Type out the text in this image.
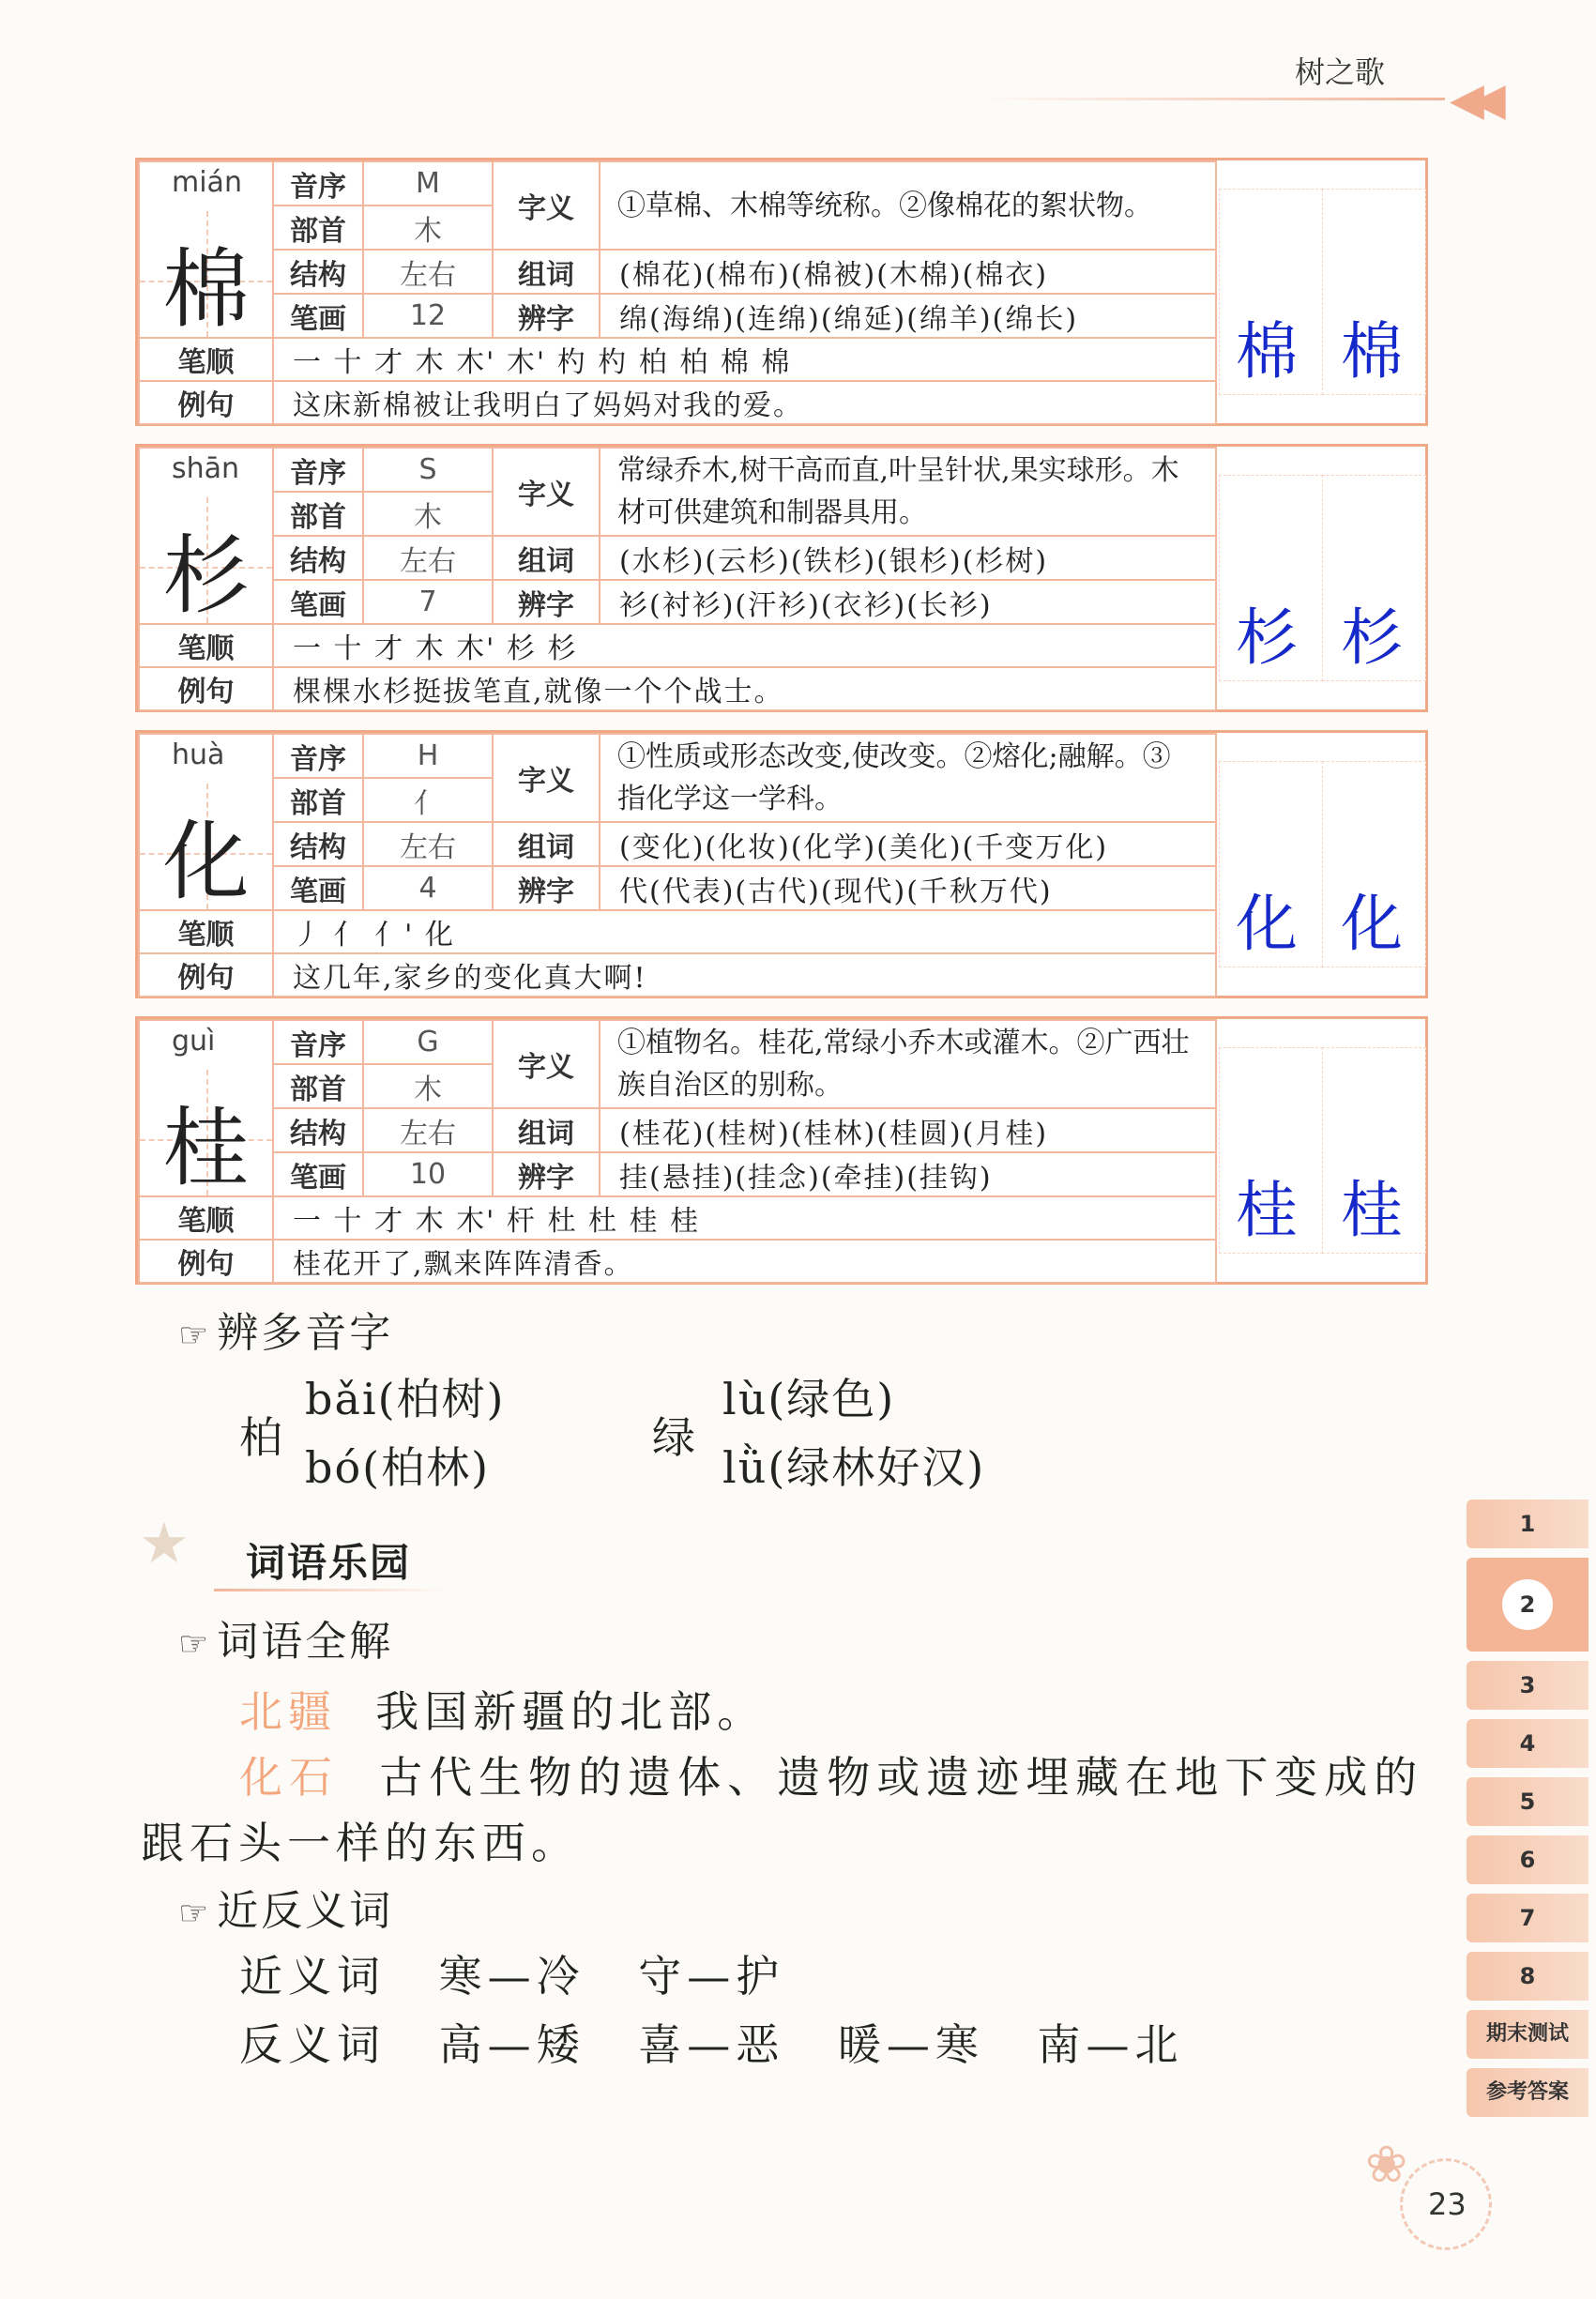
树之歌
◀◀
mián
棉	音序	M	字义	①草棉、木棉等统称。②像棉花的絮状物。
	部首	木		
	结构	左右	组词	(棉花)(棉布)(棉被)(木棉)(棉衣)
	笔画	12	辨字	绵(海绵)(连绵)(绵延)(绵羊)(绵长)
笔顺	一 十 才 木 木' 木' 杓 杓 柏 柏 棉 棉			
例句	这床新棉被让我明白了妈妈对我的爱。			
棉 棉
shān
杉	音序	S	字义	常绿乔木,树干高而直,叶呈针状,果实球形。木材可供建筑和制器具用。
	部首	木		
	结构	左右	组词	(水杉)(云杉)(铁杉)(银杉)(杉树)
	笔画	7	辨字	衫(衬衫)(汗衫)(衣衫)(长衫)
笔顺	一 十 才 木 木' 杉 杉			
例句	棵棵水杉挺拔笔直,就像一个个战士。			
杉 杉
huà
化	音序	H	字义	①性质或形态改变,使改变。②熔化;融解。③指化学这一学科。
	部首	亻		
	结构	左右	组词	(变化)(化妆)(化学)(美化)(千变万化)
	笔画	4	辨字	代(代表)(古代)(现代)(千秋万代)
笔顺	丿 亻 亻' 化			
例句	这几年,家乡的变化真大啊!			
化 化
guì
桂	音序	G	字义	①植物名。桂花,常绿小乔木或灌木。②广西壮族自治区的别称。
	部首	木		
	结构	左右	组词	(桂花)(桂树)(桂林)(桂圆)(月桂)
	笔画	10	辨字	挂(悬挂)(挂念)(牵挂)(挂钩)
笔顺	一 十 才 木 木' 杆 杜 杜 桂 桂			
例句	桂花开了,飘来阵阵清香。			
桂 桂
☞ 辨多音字
柏
bǎi(柏树)
bó(柏林)
绿
lù(绿色)
lǜ(绿林好汉)
★ 词语乐园
☞ 词语全解
北疆 我国新疆的北部。
化石 古代生物的遗体、遗物或遗迹埋藏在地下变成的
跟石头一样的东西。
☞ 近反义词
近义词 寒—冷 守—护
反义词 高—矮 喜—恶 暖—寒 南—北
1
2
3
4
5
6
7
8
期末测试
参考答案
❀
23
